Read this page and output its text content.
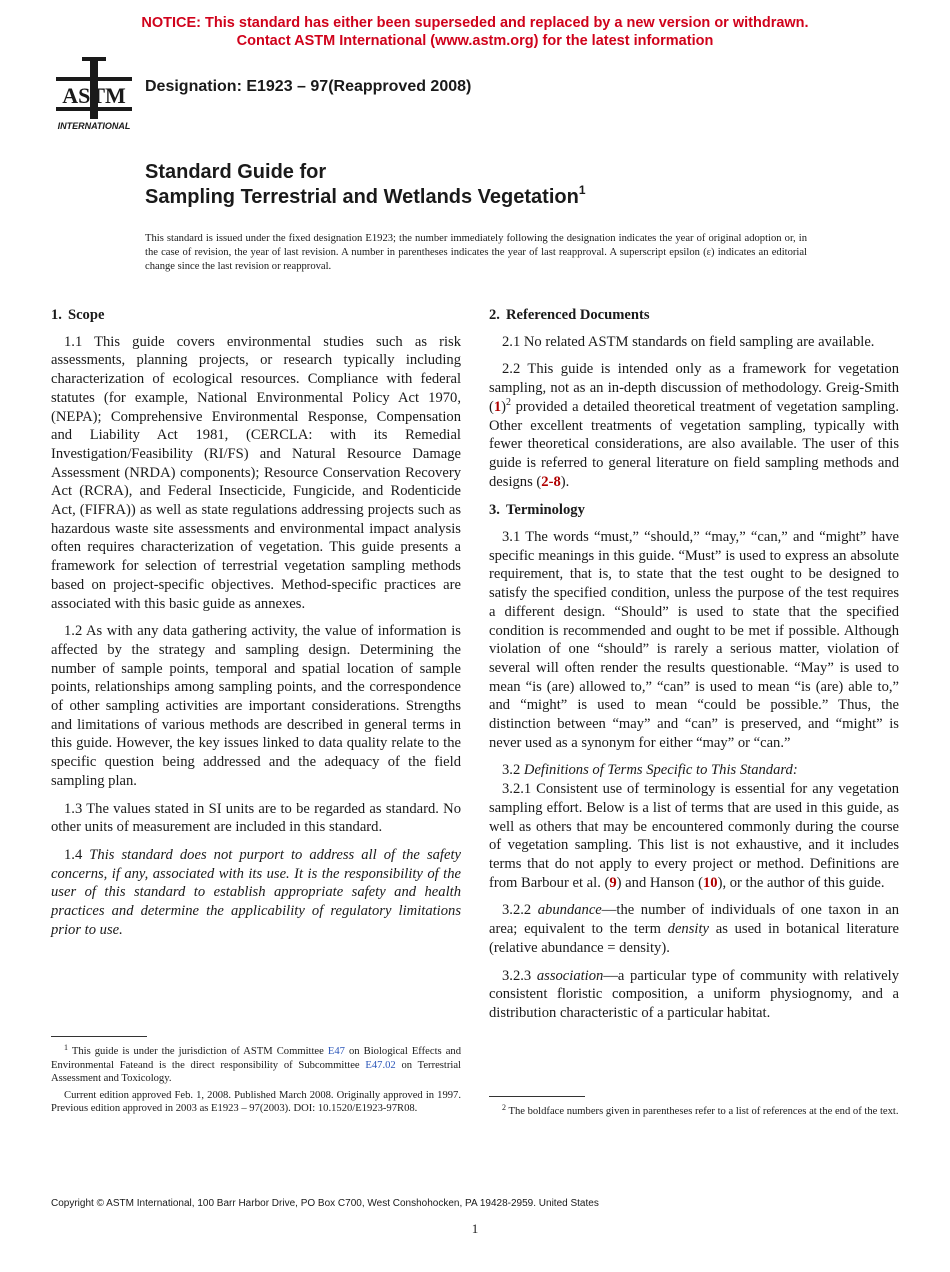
NOTICE: This standard has either been superseded and replaced by a new version or withdrawn.
Contact ASTM International (www.astm.org) for the latest information
ASTM
INTERNATIONAL
Designation: E1923 – 97(Reapproved 2008)
Standard Guide for
Sampling Terrestrial and Wetlands Vegetation$^1$
This standard is issued under the fixed designation E1923; the number immediately following the designation indicates the year of original adoption or, in the case of revision, the year of last revision. A number in parentheses indicates the year of last reapproval. A superscript epsilon (ε) indicates an editorial change since the last revision or reapproval.
1. Scope

1.1 This guide covers environmental studies such as risk assessments, planning projects, or research typically including characterization of ecological resources. Compliance with federal statutes (for example, National Environmental Policy Act 1970, (NEPA); Comprehensive Environmental Response, Compensation and Liability Act 1981, (CERCLA: with its Remedial Investigation/Feasibility (RI/FS) and Natural Resource Damage Assessment (NRDA) components); Resource Conservation Recovery Act (RCRA), and Federal Insecticide, Fungicide, and Rodenticide Act, (FIFRA)) as well as state regulations addressing projects such as hazardous waste site assessments and environmental impact analysis often requires characterization of vegetation. This guide presents a framework for selection of terrestrial vegetation sampling methods based on project-specific objectives. Method-specific practices are associated with this basic guide as annexes.

1.2 As with any data gathering activity, the value of information is affected by the strategy and sampling design. Determining the number of sample points, temporal and spatial location of sample points, relationships among sampling points, and the correspondence of other sampling activities are important considerations. Strengths and limitations of various methods are described in general terms in this guide. However, the key issues linked to data quality relate to the specific question being addressed and the adequacy of the field sampling plan.

1.3 The values stated in SI units are to be regarded as standard. No other units of measurement are included in this standard.

1.4 This standard does not purport to address all of the safety concerns, if any, associated with its use. It is the responsibility of the user of this standard to establish appropriate safety and health practices and determine the applicability of regulatory limitations prior to use.

$^1$ This guide is under the jurisdiction of ASTM Committee E47 on Biological Effects and Environmental Fateand is the direct responsibility of Subcommittee E47.02 on Terrestrial Assessment and Toxicology.

Current edition approved Feb. 1, 2008. Published March 2008. Originally approved in 1997. Previous edition approved in 2003 as E1923 – 97(2003). DOI: 10.1520/E1923-97R08.

2. Referenced Documents

2.1 No related ASTM standards on field sampling are available.

2.2 This guide is intended only as a framework for vegetation sampling, not as an in-depth discussion of methodology. Greig-Smith $(1)^2$ provided a detailed theoretical treatment of vegetation sampling. Other excellent treatments of vegetation sampling, typically with fewer theoretical considerations, are also available. The user of this guide is referred to general literature on field sampling methods and designs (2-8).

3. Terminology

3.1 The words “must,” “should,” “may,” “can,” and “might” have specific meanings in this guide. “Must” is used to express an absolute requirement, that is, to state that the test ought to be designed to satisfy the specified condition, unless the purpose of the test requires a different design. “Should” is used to state that the specified condition is recommended and ought to be met if possible. Although violation of one “should” is rarely a serious matter, violation of several will often render the results questionable. “May” is used to mean “is (are) allowed to,” “can” is used to mean “is (are) able to,” and “might” is used to mean “could be possible.” Thus, the distinction between “may” and “can” is preserved, and “might” is never used as a synonym for either “may” or “can.”

3.2 Definitions of Terms Specific to This Standard:

3.2.1 Consistent use of terminology is essential for any vegetation sampling effort. Below is a list of terms that are used in this guide, as well as others that may be encountered commonly during the course of vegetation sampling. This list is not exhaustive, and it includes terms that do not apply to every project or method. Definitions are from Barbour et al. (9) and Hanson (10), or the author of this guide.

3.2.2 abundance—the number of individuals of one taxon in an area; equivalent to the term density as used in botanical literature (relative abundance = density).

3.2.3 association—a particular type of community with relatively consistent floristic composition, a uniform physiognomy, and a distribution characteristic of a particular habitat.

$^2$ The boldface numbers given in parentheses refer to a list of references at the end of the text.

Copyright © ASTM International, 100 Barr Harbor Drive, PO Box C700, West Conshohocken, PA 19428-2959. United States
1
